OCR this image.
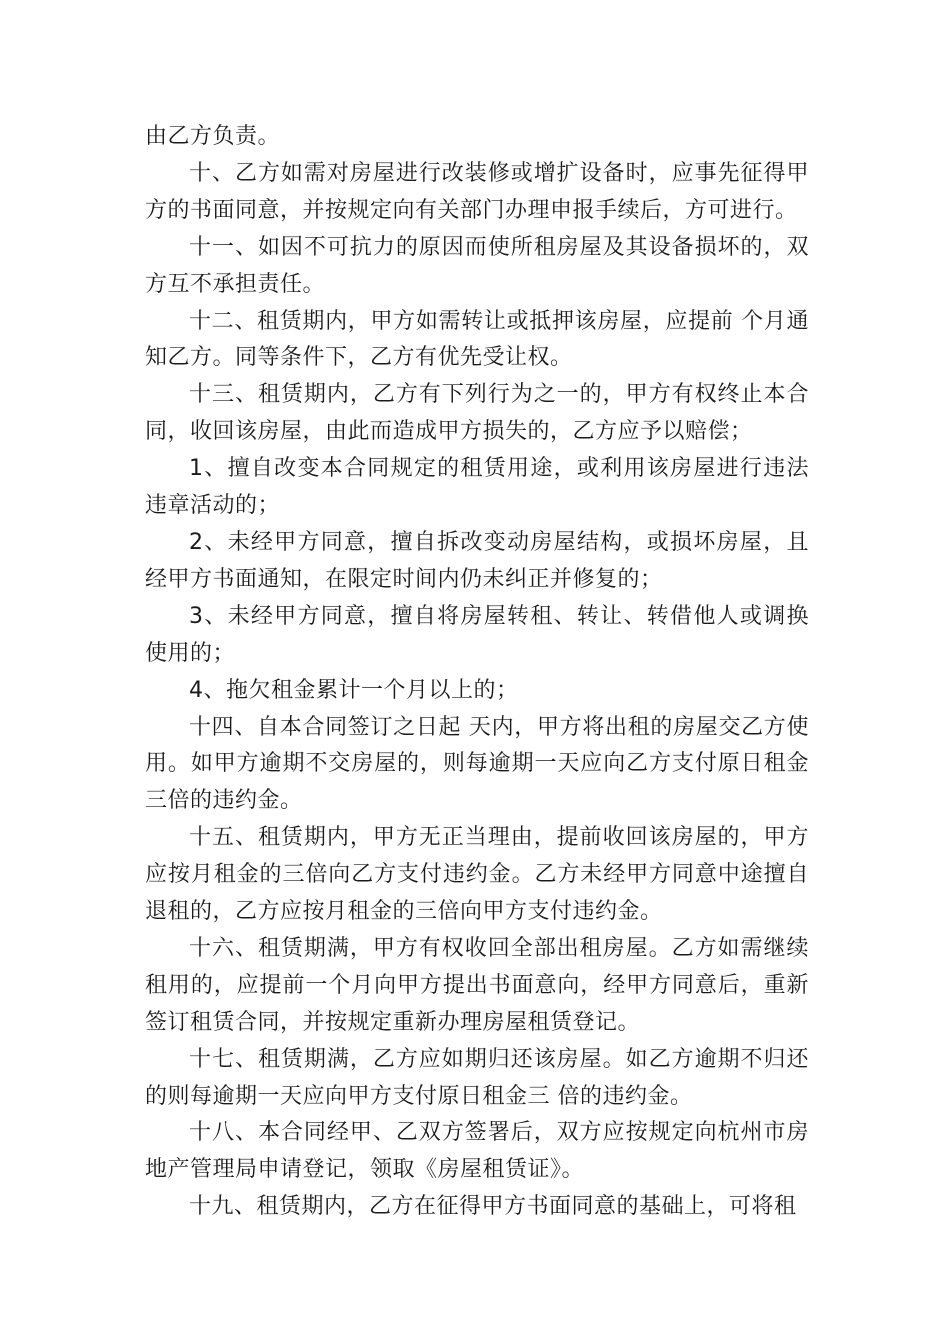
由乙方负责。

十、乙方如需对房屋进行改装修或增扩设备时，应事先征得甲方的书面同意，并按规定向有关部门办理申报手续后，方可进行。

十一、如因不可抗力的原因而使所租房屋及其设备损坏的，双方互不承担责任。

十二、租赁期内，甲方如需转让或抵押该房屋，应提前 个月通知乙方。同等条件下，乙方有优先受让权。

十三、租赁期内，乙方有下列行为之一的，甲方有权终止本合同，收回该房屋，由此而造成甲方损失的，乙方应予以赔偿；

1、擅自改变本合同规定的租赁用途，或利用该房屋进行违法违章活动的；

2、未经甲方同意，擅自拆改变动房屋结构，或损坏房屋，且经甲方书面通知，在限定时间内仍未纠正并修复的；

3、未经甲方同意，擅自将房屋转租、转让、转借他人或调换使用的；

4、拖欠租金累计一个月以上的；

十四、自本合同签订之日起 天内，甲方将出租的房屋交乙方使用。如甲方逾期不交房屋的，则每逾期一天应向乙方支付原日租金三倍的违约金。

十五、租赁期内，甲方无正当理由，提前收回该房屋的，甲方应按月租金的三倍向乙方支付违约金。乙方未经甲方同意中途擅自退租的，乙方应按月租金的三倍向甲方支付违约金。

十六、租赁期满，甲方有权收回全部出租房屋。乙方如需继续租用的，应提前一个月向甲方提出书面意向，经甲方同意后，重新签订租赁合同，并按规定重新办理房屋租赁登记。

十七、租赁期满，乙方应如期归还该房屋。如乙方逾期不归还的则每逾期一天应向甲方支付原日租金三 倍的违约金。

十八、本合同经甲、乙双方签署后，双方应按规定向杭州市房地产管理局申请登记，领取《房屋租赁证》。

十九、租赁期内，乙方在征得甲方书面同意的基础上，可将租
